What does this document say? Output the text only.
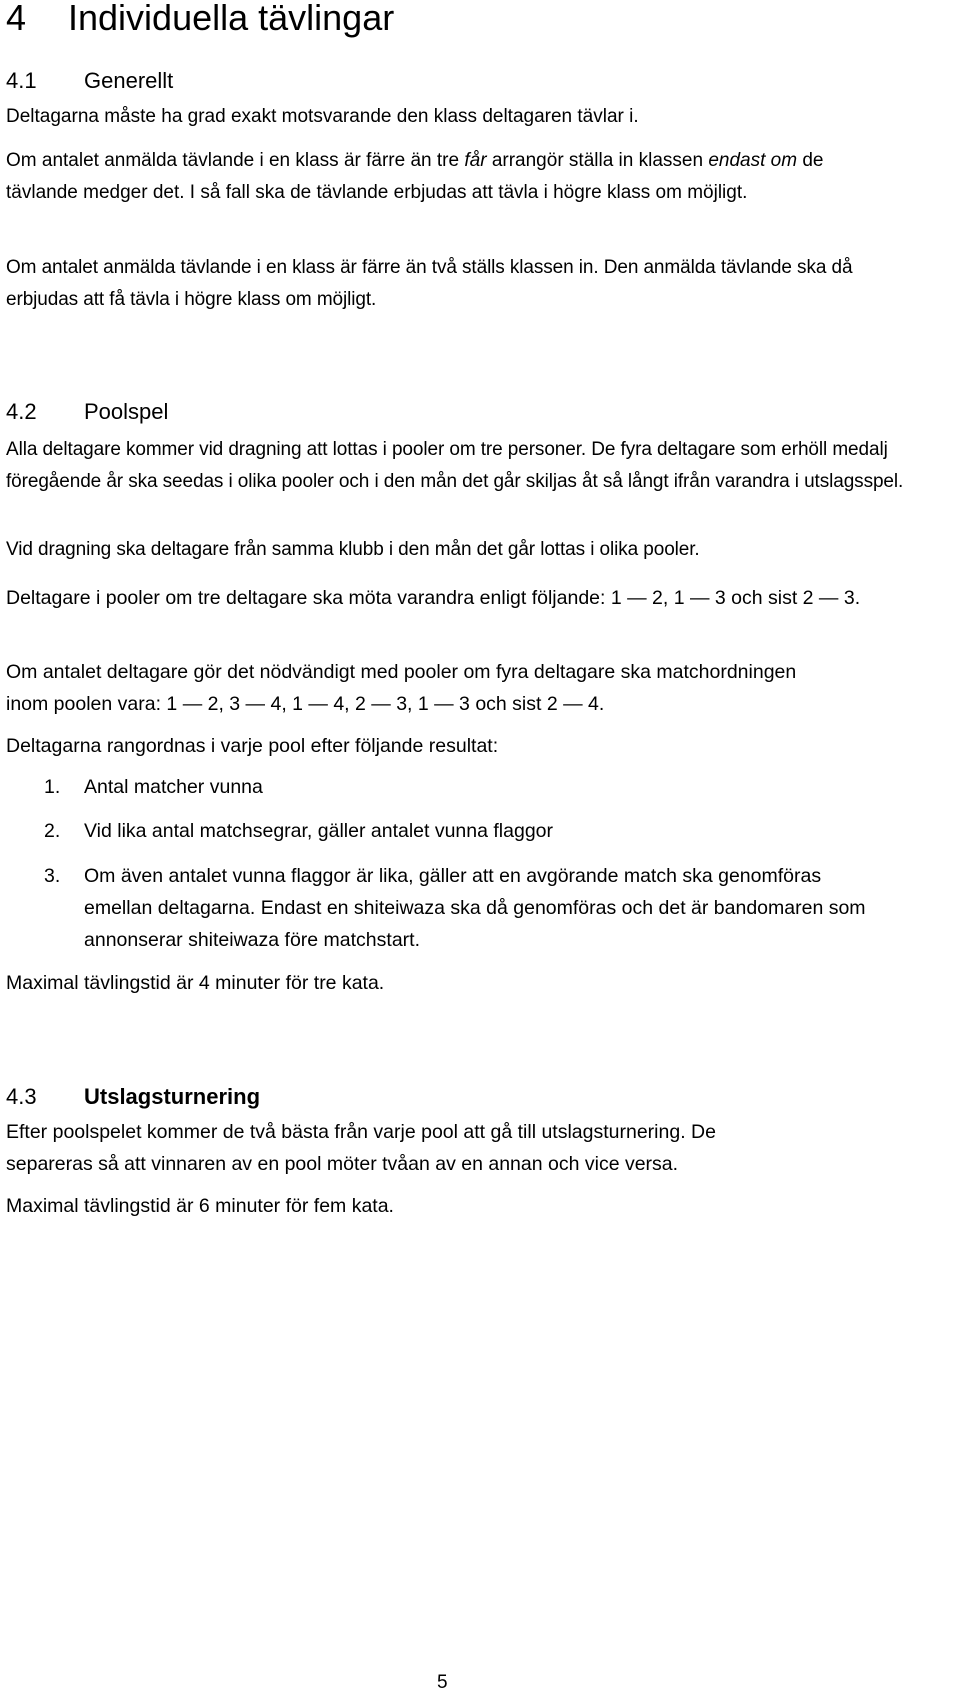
4 Individuella tävlingar
4.1 Generellt

Deltagarna måste ha grad exakt motsvarande den klass deltagaren tävlar i.

Om antalet anmälda tävlande i en klass är färre än tre får arrangör ställa in klassen endast om de tävlande medger det. I så fall ska de tävlande erbjudas att tävla i högre klass om möjligt.

Om antalet anmälda tävlande i en klass är färre än två ställs klassen in. Den anmälda tävlande ska då erbjudas att få tävla i högre klass om möjligt.

4.2 Poolspel

Alla deltagare kommer vid dragning att lottas i pooler om tre personer. De fyra deltagare som erhöll medalj föregående år ska seedas i olika pooler och i den mån det går skiljas åt så långt ifrån varandra i utslagsspel.

Vid dragning ska deltagare från samma klubb i den mån det går lottas i olika pooler.

Deltagare i pooler om tre deltagare ska möta varandra enligt följande: 1 — 2, 1 — 3 och sist 2 — 3.

Om antalet deltagare gör det nödvändigt med pooler om fyra deltagare ska matchordningen inom poolen vara: 1 — 2, 3 — 4, 1 — 4, 2 — 3, 1 — 3 och sist 2 — 4.

Deltagarna rangordnas i varje pool efter följande resultat:

1. Antal matcher vunna
2. Vid lika antal matchsegrar, gäller antalet vunna flaggor
3. Om även antalet vunna flaggor är lika, gäller att en avgörande match ska genomföras emellan deltagarna. Endast en shiteiwaza ska då genomföras och det är bandomaren som annonserar shiteiwaza före matchstart.

Maximal tävlingstid är 4 minuter för tre kata.

4.3 Utslagsturnering

Efter poolspelet kommer de två bästa från varje pool att gå till utslagsturnering. De separeras så att vinnaren av en pool möter tvåan av en annan och vice versa.

Maximal tävlingstid är 6 minuter för fem kata.

5
